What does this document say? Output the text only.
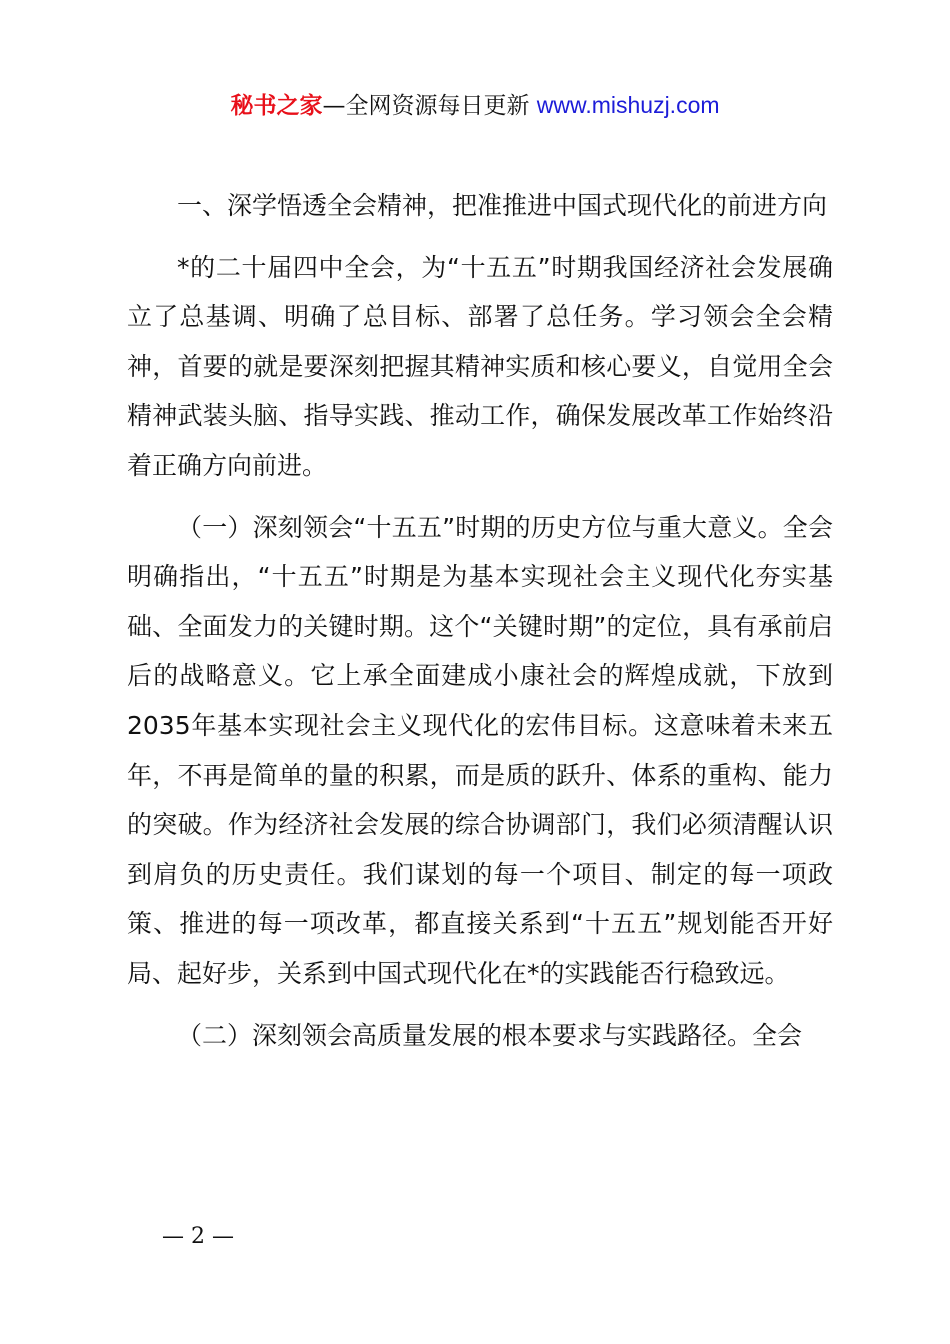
秘书之家—全网资源每日更新 www.mishuzj.com

一、深学悟透全会精神，把准推进中国式现代化的前进方向

*的二十届四中全会，为“十五五”时期我国经济社会发展确立了总基调、明确了总目标、部署了总任务。学习领会全会精神，首要的就是要深刻把握其精神实质和核心要义，自觉用全会精神武装头脑、指导实践、推动工作，确保发展改革工作始终沿着正确方向前进。

（一）深刻领会“十五五”时期的历史方位与重大意义。全会明确指出，“十五五”时期是为基本实现社会主义现代化夯实基础、全面发力的关键时期。这个“关键时期”的定位，具有承前启后的战略意义。它上承全面建成小康社会的辉煌成就，下放到2035年基本实现社会主义现代化的宏伟目标。这意味着未来五年，不再是简单的量的积累，而是质的跃升、体系的重构、能力的突破。作为经济社会发展的综合协调部门，我们必须清醒认识到肩负的历史责任。我们谋划的每一个项目、制定的每一项政策、推进的每一项改革，都直接关系到“十五五”规划能否开好局、起好步，关系到中国式现代化在*的实践能否行稳致远。

（二）深刻领会高质量发展的根本要求与实践路径。全会

— 2 —
